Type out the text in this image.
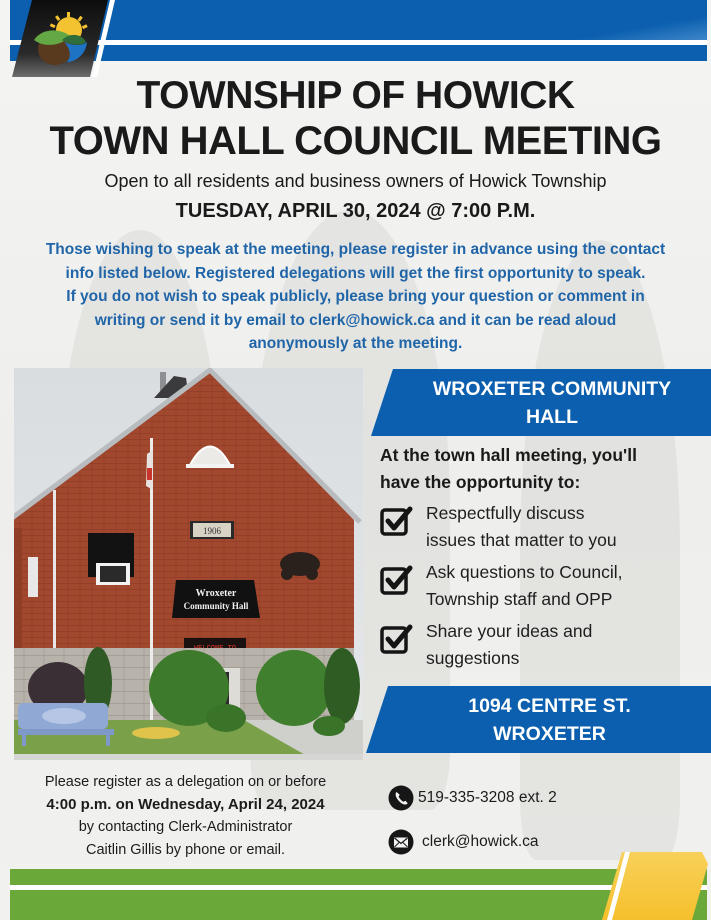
TOWNSHIP OF HOWICK
TOWN HALL COUNCIL MEETING
Open to all residents and business owners of Howick Township
TUESDAY, APRIL 30, 2024 @ 7:00 P.M.
Those wishing to speak at the meeting, please register in advance using the contact
info listed below. Registered delegations will get the first opportunity to speak.
If you do not wish to speak publicly, please bring your question or comment in
writing or send it by email to clerk@howick.ca and it can be read aloud
anonymously at the meeting.
1906
Wroxeter
Community Hall
WROXETER COMMUNITY
HALL
At the town hall meeting, you'll
have the opportunity to:
Respectfully discuss
issues that matter to you
Ask questions to Council,
Township staff and OPP
Share your ideas and
suggestions
1094 CENTRE ST.
WROXETER
Please register as a delegation on or before
4:00 p.m. on Wednesday, April 24, 2024
by contacting Clerk-Administrator
Caitlin Gillis by phone or email.
519-335-3208 ext. 2
clerk@howick.ca
